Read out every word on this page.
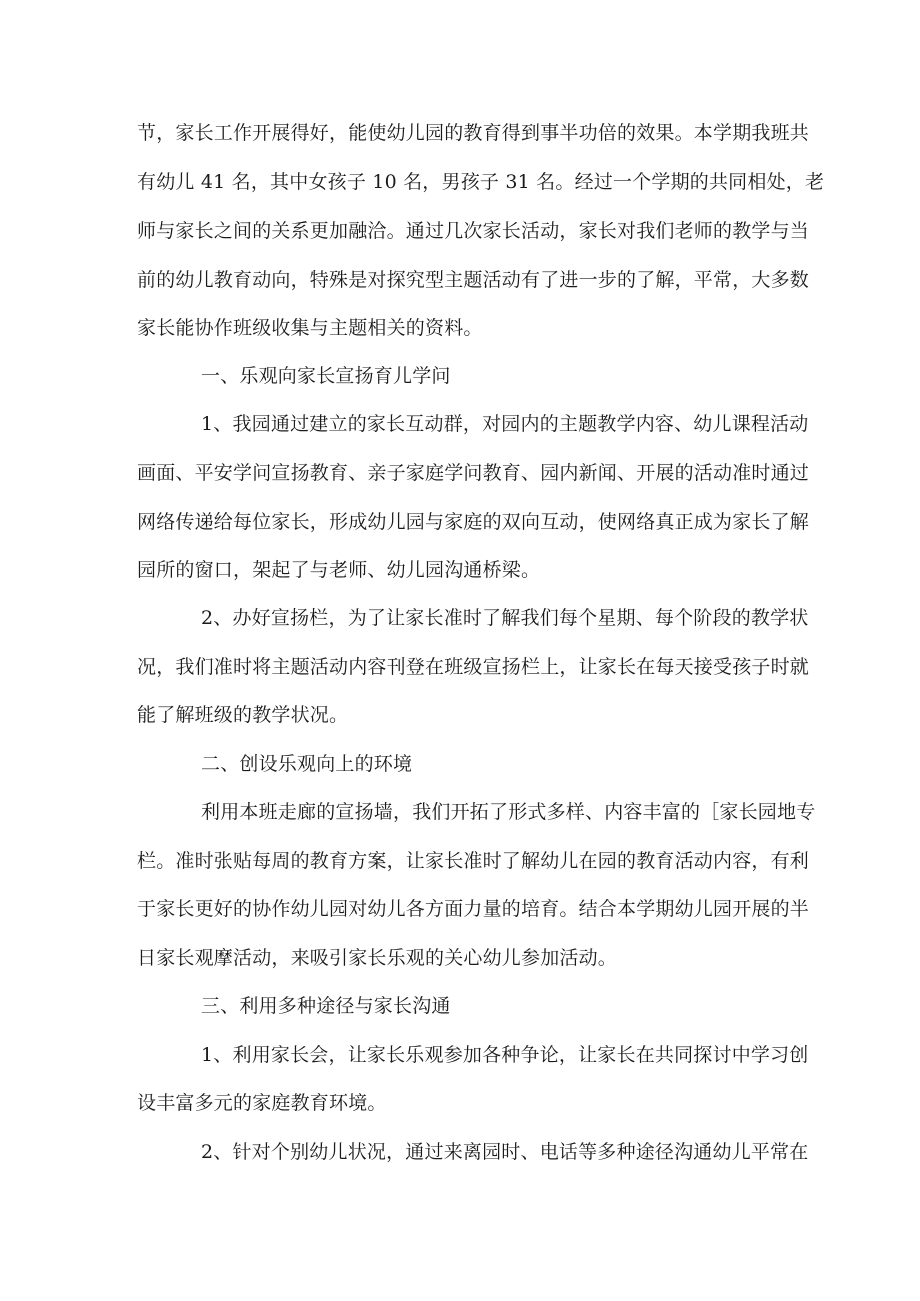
节，家长工作开展得好，能使幼儿园的教育得到事半功倍的效果。本学期我班共
有幼儿 41 名，其中女孩子 10 名，男孩子 31 名。经过一个学期的共同相处，老
师与家长之间的关系更加融洽。通过几次家长活动，家长对我们老师的教学与当
前的幼儿教育动向，特殊是对探究型主题活动有了进一步的了解，平常，大多数
家长能协作班级收集与主题相关的资料。
一、乐观向家长宣扬育儿学问
1、我园通过建立的家长互动群，对园内的主题教学内容、幼儿课程活动
画面、平安学问宣扬教育、亲子家庭学问教育、园内新闻、开展的活动准时通过
网络传递给每位家长，形成幼儿园与家庭的双向互动，使网络真正成为家长了解
园所的窗口，架起了与老师、幼儿园沟通桥梁。
2、办好宣扬栏，为了让家长准时了解我们每个星期、每个阶段的教学状
况，我们准时将主题活动内容刊登在班级宣扬栏上，让家长在每天接受孩子时就
能了解班级的教学状况。
二、创设乐观向上的环境
利用本班走廊的宣扬墙，我们开拓了形式多样、内容丰富的［家长园地专
栏。准时张贴每周的教育方案，让家长准时了解幼儿在园的教育活动内容，有利
于家长更好的协作幼儿园对幼儿各方面力量的培育。结合本学期幼儿园开展的半
日家长观摩活动，来吸引家长乐观的关心幼儿参加活动。
三、利用多种途径与家长沟通
1、利用家长会，让家长乐观参加各种争论，让家长在共同探讨中学习创
设丰富多元的家庭教育环境。
2、针对个别幼儿状况，通过来离园时、电话等多种途径沟通幼儿平常在
